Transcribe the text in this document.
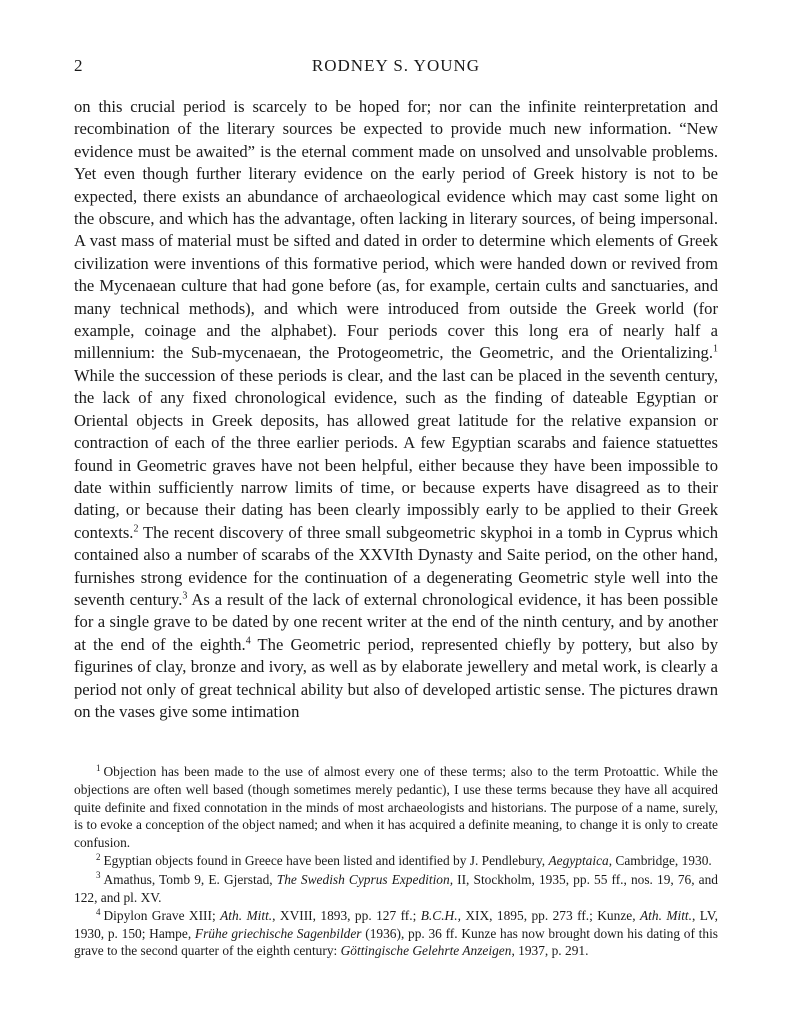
2	RODNEY S. YOUNG

on this crucial period is scarcely to be hoped for; nor can the infinite reinterpretation and recombination of the literary sources be expected to provide much new information. “New evidence must be awaited” is the eternal comment made on unsolved and unsolvable problems. Yet even though further literary evidence on the early period of Greek history is not to be expected, there exists an abundance of archaeological evidence which may cast some light on the obscure, and which has the advantage, often lacking in literary sources, of being impersonal. A vast mass of material must be sifted and dated in order to determine which elements of Greek civilization were inventions of this formative period, which were handed down or revived from the Mycenaean culture that had gone before (as, for example, certain cults and sanctuaries, and many technical methods), and which were introduced from outside the Greek world (for example, coinage and the alphabet). Four periods cover this long era of nearly half a millennium: the Sub-mycenaean, the Protogeometric, the Geometric, and the Orientalizing.$^1$ While the succession of these periods is clear, and the last can be placed in the seventh century, the lack of any fixed chronological evidence, such as the finding of dateable Egyptian or Oriental objects in Greek deposits, has allowed great latitude for the relative expansion or contraction of each of the three earlier periods. A few Egyptian scarabs and faience statuettes found in Geometric graves have not been helpful, either because they have been impossible to date within sufficiently narrow limits of time, or because experts have disagreed as to their dating, or because their dating has been clearly impossibly early to be applied to their Greek contexts.$^2$ The recent discovery of three small subgeometric skyphoi in a tomb in Cyprus which contained also a number of scarabs of the XXVIth Dynasty and Saite period, on the other hand, furnishes strong evidence for the continuation of a degenerating Geometric style well into the seventh century.$^3$ As a result of the lack of external chronological evidence, it has been possible for a single grave to be dated by one recent writer at the end of the ninth century, and by another at the end of the eighth.$^4$ The Geometric period, represented chiefly by pottery, but also by figurines of clay, bronze and ivory, as well as by elaborate jewellery and metal work, is clearly a period not only of great technical ability but also of developed artistic sense. The pictures drawn on the vases give some intimation

$^1$ Objection has been made to the use of almost every one of these terms; also to the term Protoattic. While the objections are often well based (though sometimes merely pedantic), I use these terms because they have all acquired quite definite and fixed connotation in the minds of most archaeologists and historians. The purpose of a name, surely, is to evoke a conception of the object named; and when it has acquired a definite meaning, to change it is only to create confusion.

$^2$ Egyptian objects found in Greece have been listed and identified by J. Pendlebury, Aegyptaica, Cambridge, 1930.

$^3$ Amathus, Tomb 9, E. Gjerstad, The Swedish Cyprus Expedition, II, Stockholm, 1935, pp. 55 ff., nos. 19, 76, and 122, and pl. XV.

$^4$ Dipylon Grave XIII; Ath. Mitt., XVIII, 1893, pp. 127 ff.; B.C.H., XIX, 1895, pp. 273 ff.; Kunze, Ath. Mitt., LV, 1930, p. 150; Hampe, Frühe griechische Sagenbilder (1936), pp. 36 ff. Kunze has now brought down his dating of this grave to the second quarter of the eighth century: Göttingische Gelehrte Anzeigen, 1937, p. 291.
